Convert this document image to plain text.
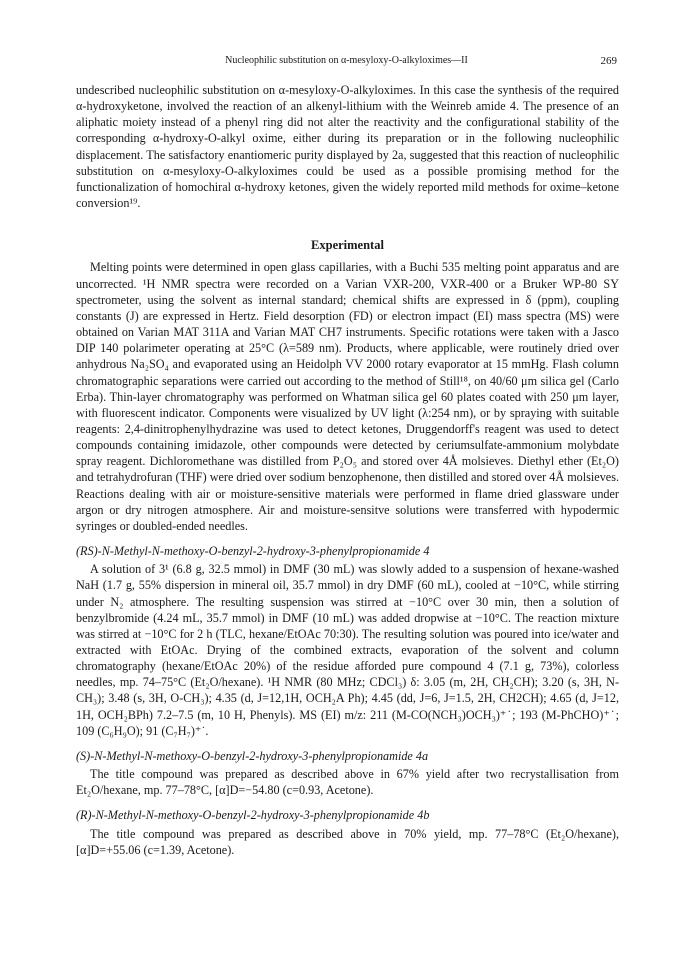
Nucleophilic substitution on α-mesyloxy-O-alkyloximes—II	269

undescribed nucleophilic substitution on α-mesyloxy-O-alkyloximes. In this case the synthesis of the required α-hydroxyketone, involved the reaction of an alkenyl-lithium with the Weinreb amide 4. The presence of an aliphatic moiety instead of a phenyl ring did not alter the reactivity and the configurational stability of the corresponding α-hydroxy-O-alkyl oxime, either during its preparation or in the following nucleophilic displacement. The satisfactory enantiomeric purity displayed by 2a, suggested that this reaction of nucleophilic substitution on α-mesyloxy-O-alkyloximes could be used as a possible promising method for the functionalization of homochiral α-hydroxy ketones, given the widely reported mild methods for oxime–ketone conversion¹⁹.

Experimental

Melting points were determined in open glass capillaries, with a Buchi 535 melting point apparatus and are uncorrected. ¹H NMR spectra were recorded on a Varian VXR-200, VXR-400 or a Bruker WP-80 SY spectrometer, using the solvent as internal standard; chemical shifts are expressed in δ (ppm), coupling constants (J) are expressed in Hertz. Field desorption (FD) or electron impact (EI) mass spectra (MS) were obtained on Varian MAT 311A and Varian MAT CH7 instruments. Specific rotations were taken with a Jasco DIP 140 polarimeter operating at 25°C (λ=589 nm). Products, where applicable, were routinely dried over anhydrous Na₂SO₄ and evaporated using an Heidolph VV 2000 rotary evaporator at 15 mmHg. Flash column chromatographic separations were carried out according to the method of Still¹⁸, on 40/60 μm silica gel (Carlo Erba). Thin-layer chromatography was performed on Whatman silica gel 60 plates coated with 250 μm layer, with fluorescent indicator. Components were visualized by UV light (λ:254 nm), or by spraying with suitable reagents: 2,4-dinitrophenylhydrazine was used to detect ketones, Druggendorff's reagent was used to detect compounds containing imidazole, other compounds were detected by ceriumsulfate-ammonium molybdate spray reagent. Dichloromethane was distilled from P₂O₅ and stored over 4Å molsieves. Diethyl ether (Et₂O) and tetrahydrofuran (THF) were dried over sodium benzophenone, then distilled and stored over 4Å molsieves. Reactions dealing with air or moisture-sensitive materials were performed in flame dried glassware under argon or dry nitrogen atmosphere. Air and moisture-sensitve solutions were transferred with hypodermic syringes or doubled-ended needles.

(RS)-N-Methyl-N-methoxy-O-benzyl-2-hydroxy-3-phenylpropionamide 4

A solution of 3¹ (6.8 g, 32.5 mmol) in DMF (30 mL) was slowly added to a suspension of hexane-washed NaH (1.7 g, 55% dispersion in mineral oil, 35.7 mmol) in dry DMF (60 mL), cooled at −10°C, while stirring under N₂ atmosphere. The resulting suspension was stirred at −10°C over 30 min, then a solution of benzylbromide (4.24 mL, 35.7 mmol) in DMF (10 mL) was added dropwise at −10°C. The reaction mixture was stirred at −10°C for 2 h (TLC, hexane/EtOAc 70:30). The resulting solution was poured into ice/water and extracted with EtOAc. Drying of the combined extracts, evaporation of the solvent and column chromatography (hexane/EtOAc 20%) of the residue afforded pure compound 4 (7.1 g, 73%), colorless needles, mp. 74–75°C (Et₂O/hexane). ¹H NMR (80 MHz; CDCl₃) δ: 3.05 (m, 2H, CH₂CH); 3.20 (s, 3H, N-CH₃); 3.48 (s, 3H, O-CH₃); 4.35 (d, J=12,1H, OCH₂A Ph); 4.45 (dd, J=6, J=1.5, 2H, CH2CH); 4.65 (d, J=12, 1H, OCH₂BPh) 7.2–7.5 (m, 10 H, Phenyls). MS (EI) m/z: 211 (M-CO(NCH₃)OCH₃)⁺˙; 193 (M-PhCHO)⁺˙; 109 (C₆H₉O); 91 (C₇H₇)⁺˙.

(S)-N-Methyl-N-methoxy-O-benzyl-2-hydroxy-3-phenylpropionamide 4a

The title compound was prepared as described above in 67% yield after two recrystallisation from Et₂O/hexane, mp. 77–78°C, [α]D=−54.80 (c=0.93, Acetone).

(R)-N-Methyl-N-methoxy-O-benzyl-2-hydroxy-3-phenylpropionamide 4b

The title compound was prepared as described above in 70% yield, mp. 77–78°C (Et₂O/hexane), [α]D=+55.06 (c=1.39, Acetone).
